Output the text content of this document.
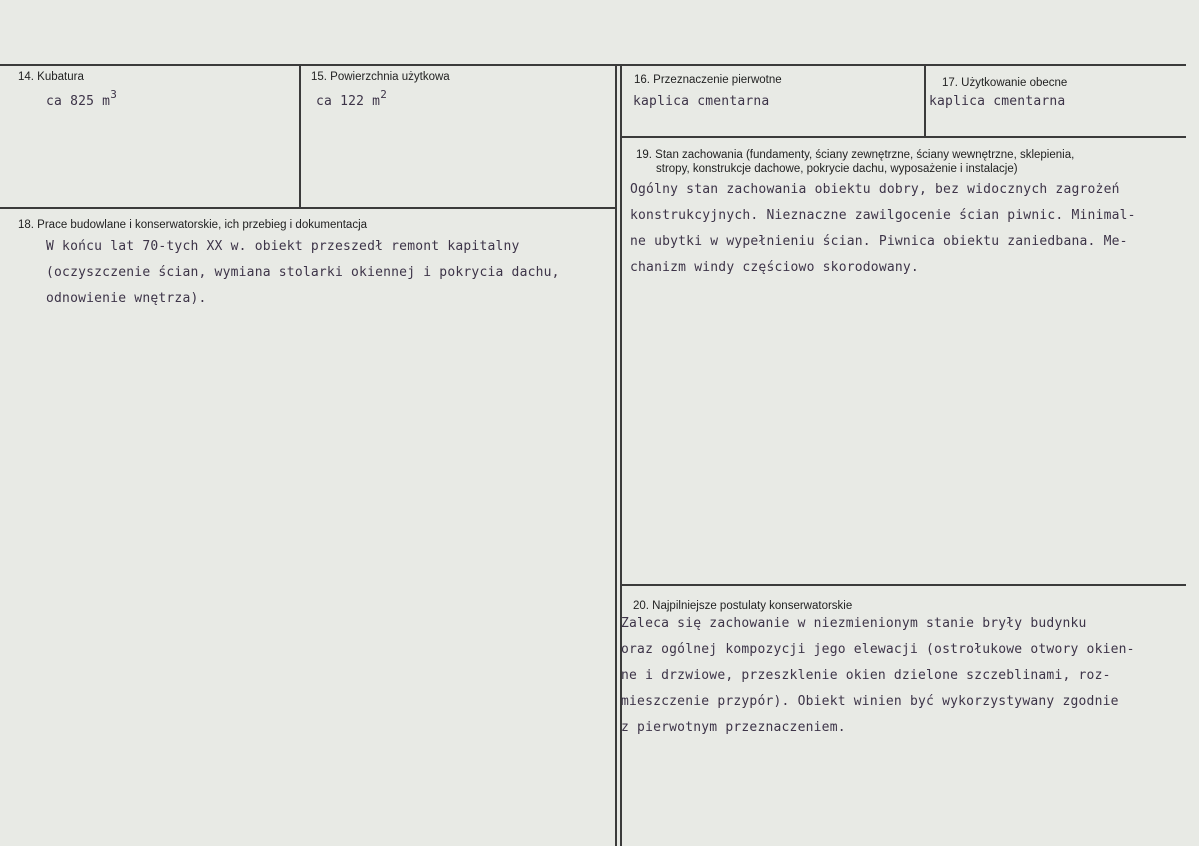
14. Kubatura
ca 825 $m^3$
15. Powierzchnia użytkowa
ca 122 $m^2$
16. Przeznaczenie pierwotne
kaplica cmentarna
17. Użytkowanie obecne
kaplica cmentarna
18. Prace budowlane i konserwatorskie, ich przebieg i dokumentacja
W końcu lat 70-tych XX w. obiekt przeszedł remont kapitalny
(oczyszczenie ścian, wymiana stolarki okiennej i pokrycia dachu,
odnowienie wnętrza).
19. Stan zachowania (fundamenty, ściany zewnętrzne, ściany wewnętrzne, sklepienia,
stropy, konstrukcje dachowe, pokrycie dachu, wyposażenie i instalacje)
Ogólny stan zachowania obiektu dobry, bez widocznych zagrożeń
konstrukcyjnych. Nieznaczne zawilgocenie ścian piwnic. Minimal-
ne ubytki w wypełnieniu ścian. Piwnica obiektu zaniedbana. Me-
chanizm windy częściowo skorodowany.
20. Najpilniejsze postulaty konserwatorskie
Zaleca się zachowanie w niezmienionym stanie bryły budynku
oraz ogólnej kompozycji jego elewacji (ostrołukowe otwory okien-
ne i drzwiowe, przeszklenie okien dzielone szczeblinami, roz-
mieszczenie przypór). Obiekt winien być wykorzystywany zgodnie
z pierwotnym przeznaczeniem.
